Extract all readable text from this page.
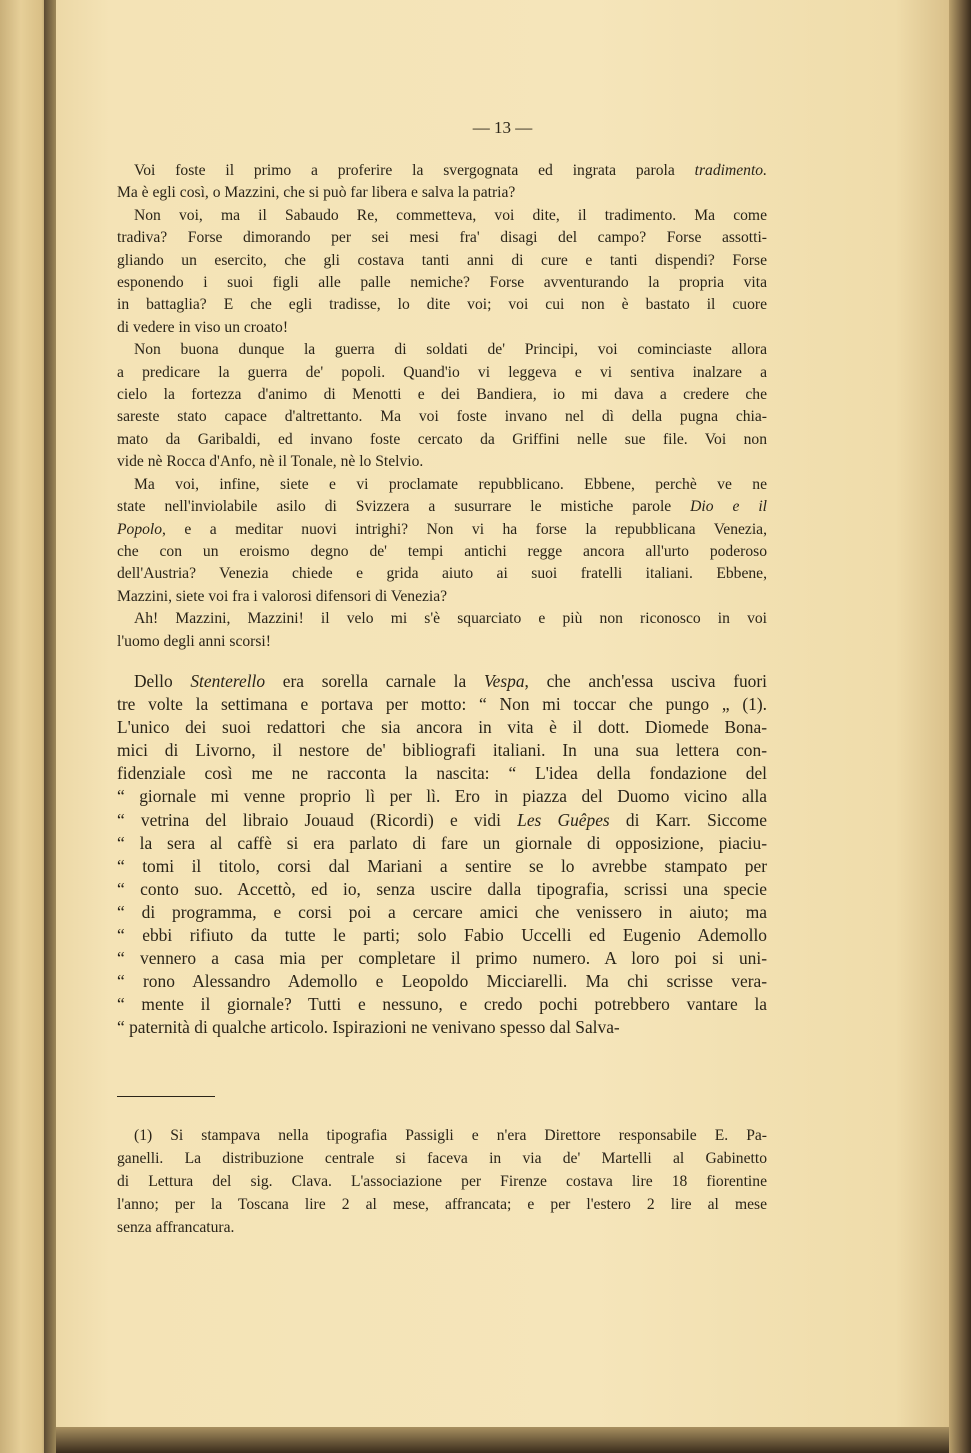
— 13 —
Voi foste il primo a proferire la svergognata ed ingrata parola tradimento.
Ma è egli così, o Mazzini, che si può far libera e salva la patria?
Non voi, ma il Sabaudo Re, commetteva, voi dite, il tradimento. Ma come
tradiva? Forse dimorando per sei mesi fra' disagi del campo? Forse assotti-
gliando un esercito, che gli costava tanti anni di cure e tanti dispendi? Forse
esponendo i suoi figli alle palle nemiche? Forse avventurando la propria vita
in battaglia? E che egli tradisse, lo dite voi; voi cui non è bastato il cuore
di vedere in viso un croato!
Non buona dunque la guerra di soldati de' Principi, voi cominciaste allora
a predicare la guerra de' popoli. Quand'io vi leggeva e vi sentiva inalzare a
cielo la fortezza d'animo di Menotti e dei Bandiera, io mi dava a credere che
sareste stato capace d'altrettanto. Ma voi foste invano nel dì della pugna chia-
mato da Garibaldi, ed invano foste cercato da Griffini nelle sue file. Voi non
vide nè Rocca d'Anfo, nè il Tonale, nè lo Stelvio.
Ma voi, infine, siete e vi proclamate repubblicano. Ebbene, perchè ve ne
state nell'inviolabile asilo di Svizzera a susurrare le mistiche parole Dio e il
Popolo, e a meditar nuovi intrighi? Non vi ha forse la repubblicana Venezia,
che con un eroismo degno de' tempi antichi regge ancora all'urto poderoso
dell'Austria? Venezia chiede e grida aiuto ai suoi fratelli italiani. Ebbene,
Mazzini, siete voi fra i valorosi difensori di Venezia?
Ah! Mazzini, Mazzini! il velo mi s'è squarciato e più non riconosco in voi
l'uomo degli anni scorsi!
Dello Stenterello era sorella carnale la Vespa, che anch'essa usciva fuori
tre volte la settimana e portava per motto: “ Non mi toccar che pungo „ (1).
L'unico dei suoi redattori che sia ancora in vita è il dott. Diomede Bona-
mici di Livorno, il nestore de' bibliografi italiani. In una sua lettera con-
fidenziale così me ne racconta la nascita: “ L'idea della fondazione del
“ giornale mi venne proprio lì per lì. Ero in piazza del Duomo vicino alla
“ vetrina del libraio Jouaud (Ricordi) e vidi Les Guêpes di Karr. Siccome
“ la sera al caffè si era parlato di fare un giornale di opposizione, piaciu-
“ tomi il titolo, corsi dal Mariani a sentire se lo avrebbe stampato per
“ conto suo. Accettò, ed io, senza uscire dalla tipografia, scrissi una specie
“ di programma, e corsi poi a cercare amici che venissero in aiuto; ma
“ ebbi rifiuto da tutte le parti; solo Fabio Uccelli ed Eugenio Ademollo
“ vennero a casa mia per completare il primo numero. A loro poi si uni-
“ rono Alessandro Ademollo e Leopoldo Micciarelli. Ma chi scrisse vera-
“ mente il giornale? Tutti e nessuno, e credo pochi potrebbero vantare la
“ paternità di qualche articolo. Ispirazioni ne venivano spesso dal Salva-
(1) Si stampava nella tipografia Passigli e n'era Direttore responsabile E. Pa-
ganelli. La distribuzione centrale si faceva in via de' Martelli al Gabinetto
di Lettura del sig. Clava. L'associazione per Firenze costava lire 18 fiorentine
l'anno; per la Toscana lire 2 al mese, affrancata; e per l'estero 2 lire al mese
senza affrancatura.
